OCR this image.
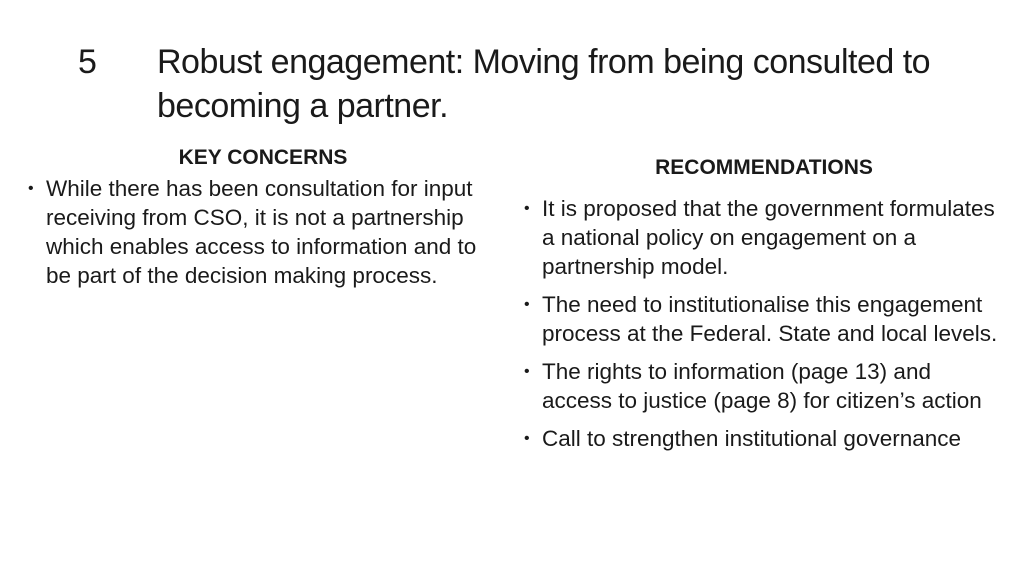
5 Robust engagement: Moving from being consulted to becoming a partner.
KEY CONCERNS
• While there has been consultation for input receiving from CSO, it is not a partnership which enables access to information and to be part of the decision making process.
RECOMMENDATIONS
• It is proposed that the government formulates a national policy on engagement on a partnership model.
• The need to institutionalise this engagement process at the Federal. State and local levels.
• The rights to information (page 13) and access to justice (page 8) for citizen’s action
• Call to strengthen institutional governance
